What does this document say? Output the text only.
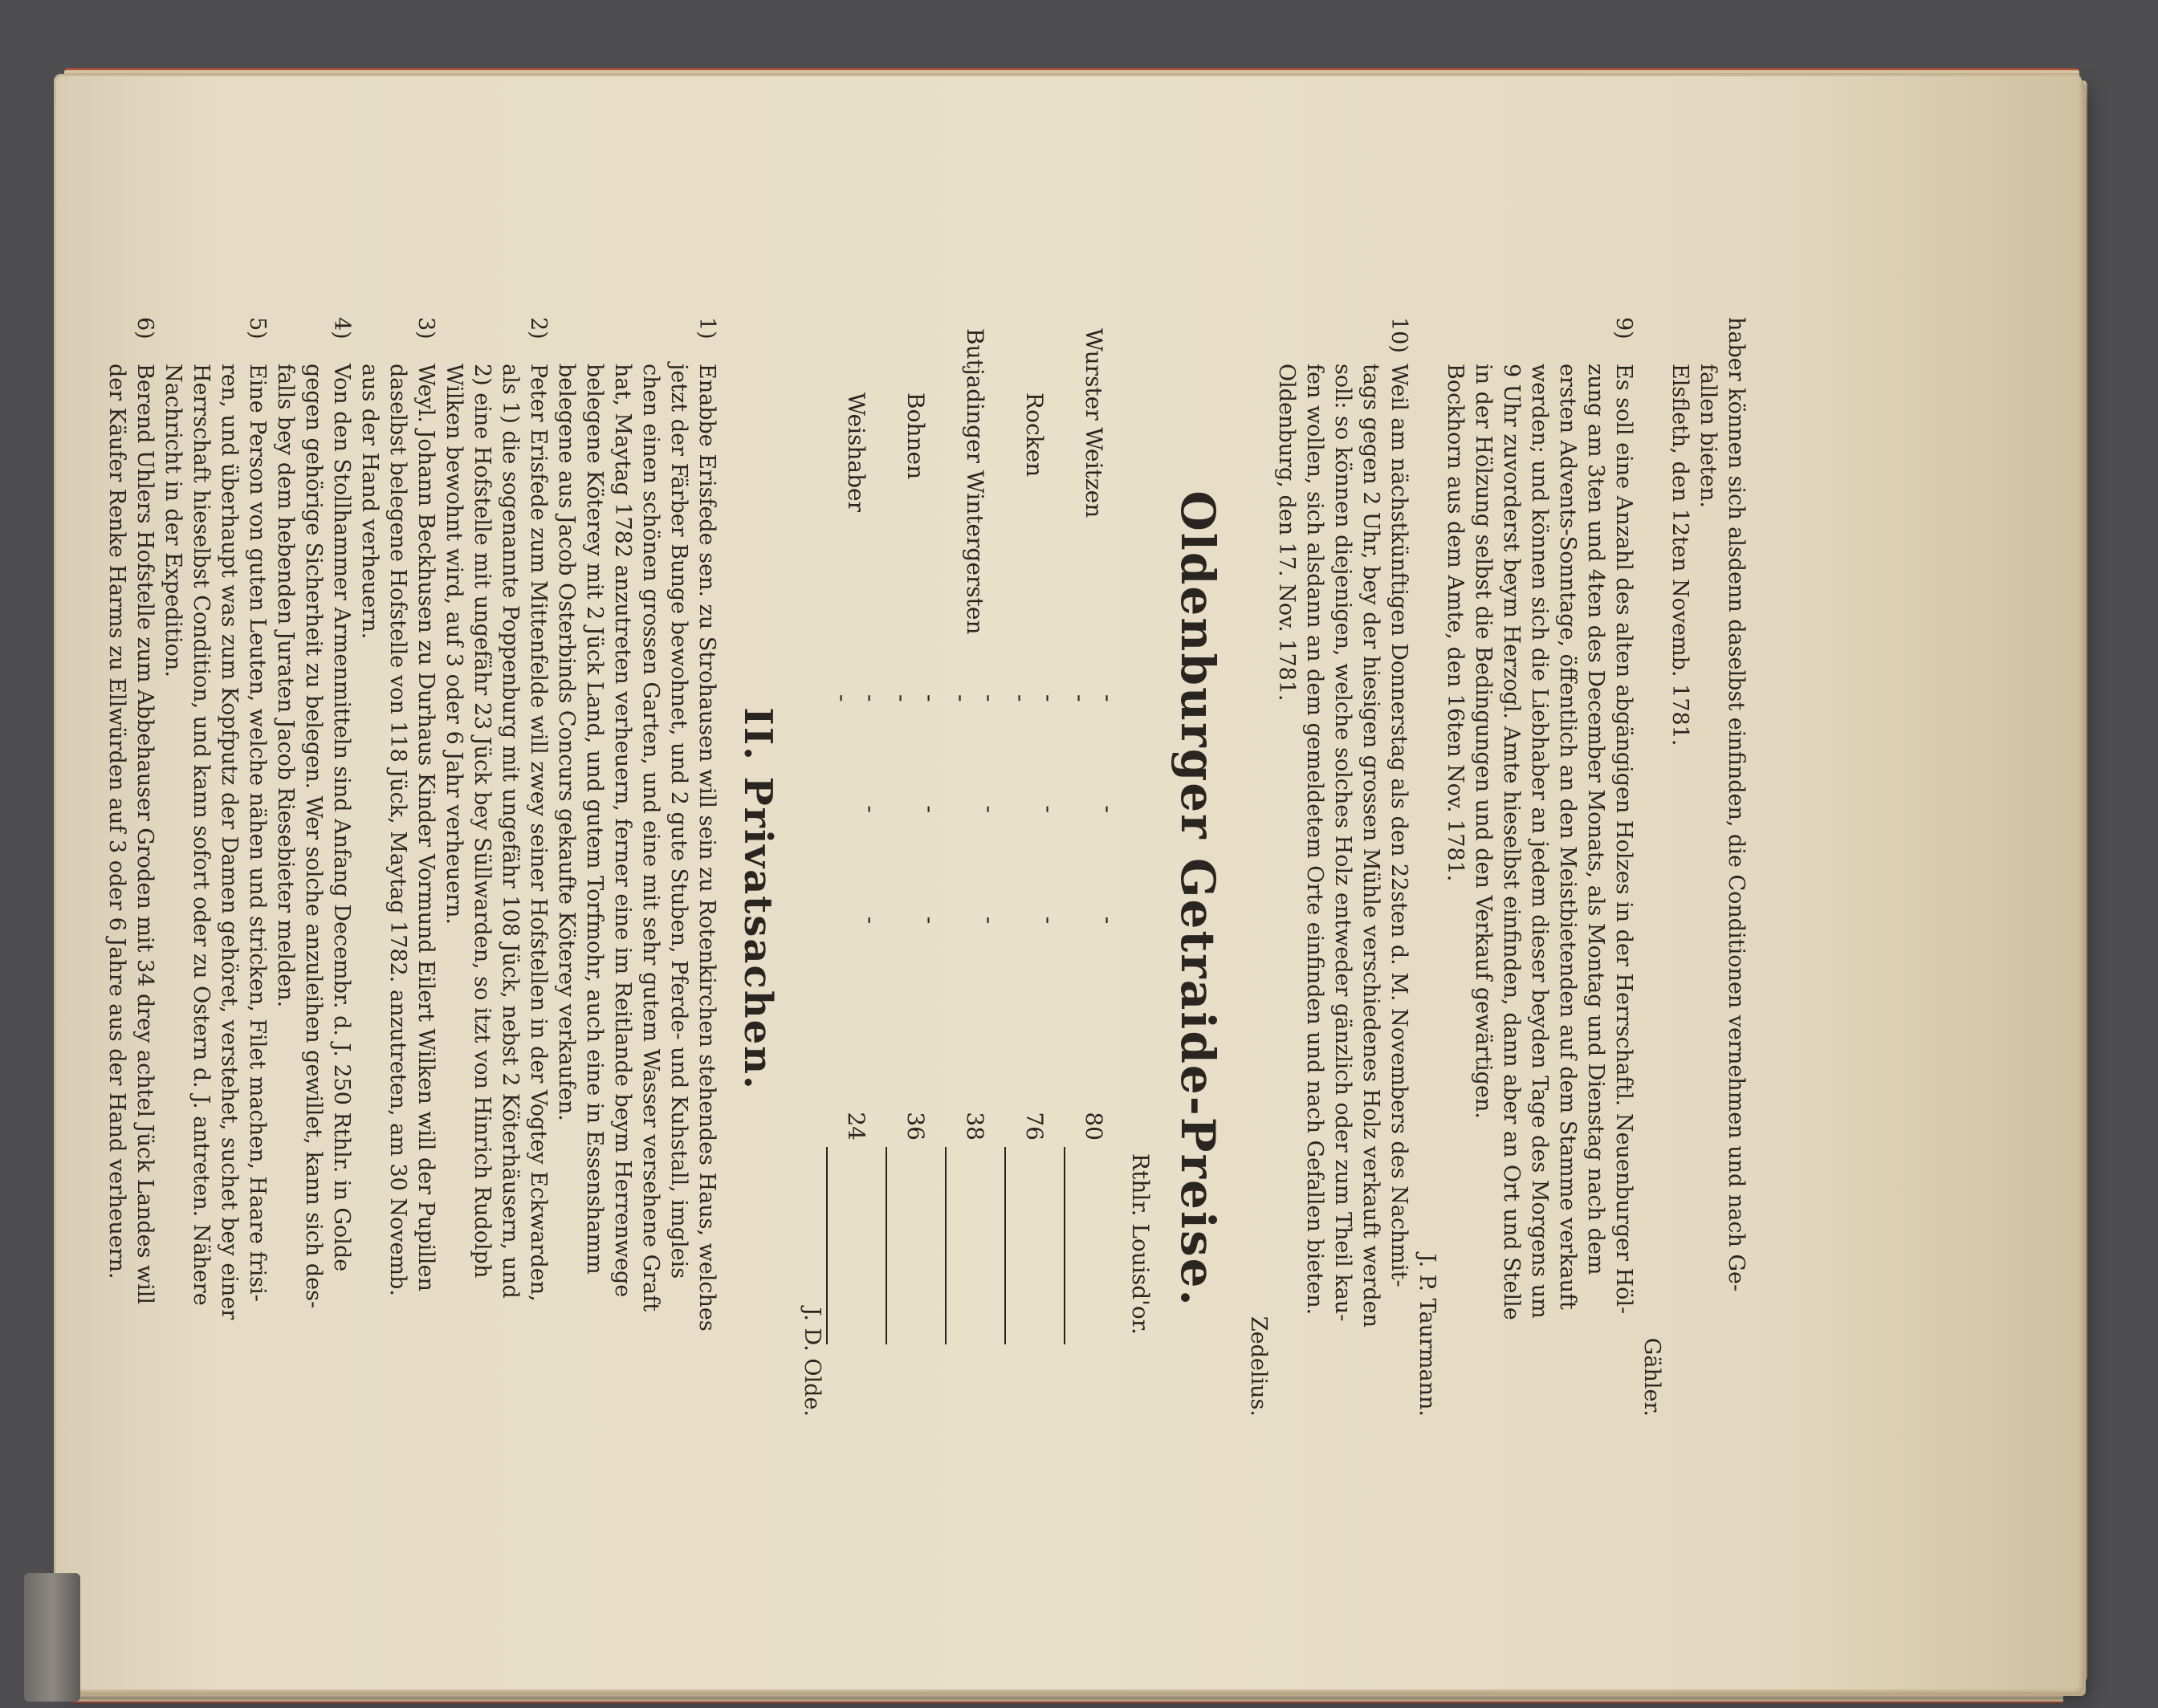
haber können sich alsdenn daselbst einfinden, die Conditionen vernehmen und nach Ge-

fallen bieten.

Elsfleth, den 12ten Novemb. 1781.

Gähler.

9)Es soll eine Anzahl des alten abgängigen Holzes in der Herrschaftl. Neuenburger Höl-

zung am 3ten und 4ten des December Monats, als Montag und Dienstag nach dem

ersten Advents-Sonntage, öffentlich an den Meistbietenden auf dem Stamme verkauft

werden; und können sich die Liebhaber an jedem dieser beyden Tage des Morgens um

9 Uhr zuvorderst beym Herzogl. Amte hieselbst einfinden, dann aber an Ort und Stelle

in der Hölzung selbst die Bedingungen und den Verkauf gewärtigen.

Bockhorn aus dem Amte, den 16ten Nov. 1781.

J. P. Taurmann.

10)Weil am nächstkünftigen Donnerstag als den 22sten d. M. Novembers des Nachmit-

tags gegen 2 Uhr, bey der hiesigen grossen Mühle verschiedenes Holz verkauft werden

soll: so können diejenigen, welche solches Holz entweder gänzlich oder zum Theil kau-

fen wollen, sich alsdann an dem gemeldetem Orte einfinden und nach Gefallen bieten.

Oldenburg, den 17. Nov. 1781.

Zedelius.

Oldenburger Getraide-Preise.
			Rthlr. Louisd'or.
Wurster Weitzen	- - - -	80	
Rocken	- - - -	76	
Butjadinger Wintergersten	- - - -	38	
Bohnen	- - - -	36	
Weishaber	- - - -	24	

J. D. Olde.

II. Privatsachen.

1)Enabbe Erisfede sen. zu Strohausen will sein zu Rotenkirchen stehendes Haus, welches

jetzt der Färber Bunge bewohnet, und 2 gute Stuben, Pferde- und Kuhstall, imgleis

chen einen schönen grossen Garten, und eine mit sehr gutem Wasser versehene Graft

hat, Maytag 1782 anzutreten verheuern, ferner eine im Reitlande beym Herrenwege

belegene Köterey mit 2 Jück Land, und gutem Torfmohr, auch eine in Essenshamm

belegene aus Jacob Osterbinds Concurs gekaufte Köterey verkaufen.

2)Peter Erisfede zum Mittenfelde will zwey seiner Hofstellen in der Vogtey Eckwarden,

als 1) die sogenannte Poppenburg mit ungefähr 108 Jück, nebst 2 Köterhäusern, und

2) eine Hofstelle mit ungefähr 23 Jück bey Süllwarden, so itzt von Hinrich Rudolph

Wilken bewohnt wird, auf 3 oder 6 Jahr verheuern.

3)Weyl. Johann Beckhusen zu Durhaus Kinder Vormund Eilert Wilken will der Pupillen

daselbst belegene Hofstelle von 118 Jück, Maytag 1782. anzutreten, am 30 Novemb.

aus der Hand verheuern.

4)Von den Stollhammer Armenmitteln sind Anfang Decembr. d. J. 250 Rthlr. in Golde

gegen gehörige Sicherheit zu belegen. Wer solche anzuleihen gewillet, kann sich des-

falls bey dem hebenden Juraten Jacob Riesebieter melden.

5)Eine Person von guten Leuten, welche nähen und stricken, Filet machen, Haare frisi-

ren, und überhaupt was zum Kopfputz der Damen gehöret, verstehet, suchet bey einer

Herrschaft hieselbst Condition, und kann sofort oder zu Ostern d. J. antreten. Nähere

Nachricht in der Expedition.

6)Berend Uhlers Hofstelle zum Abbehauser Groden mit 34 drey achtel Jück Landes will

der Käufer Renke Harms zu Ellwürden auf 3 oder 6 Jahre aus der Hand verheuern.
